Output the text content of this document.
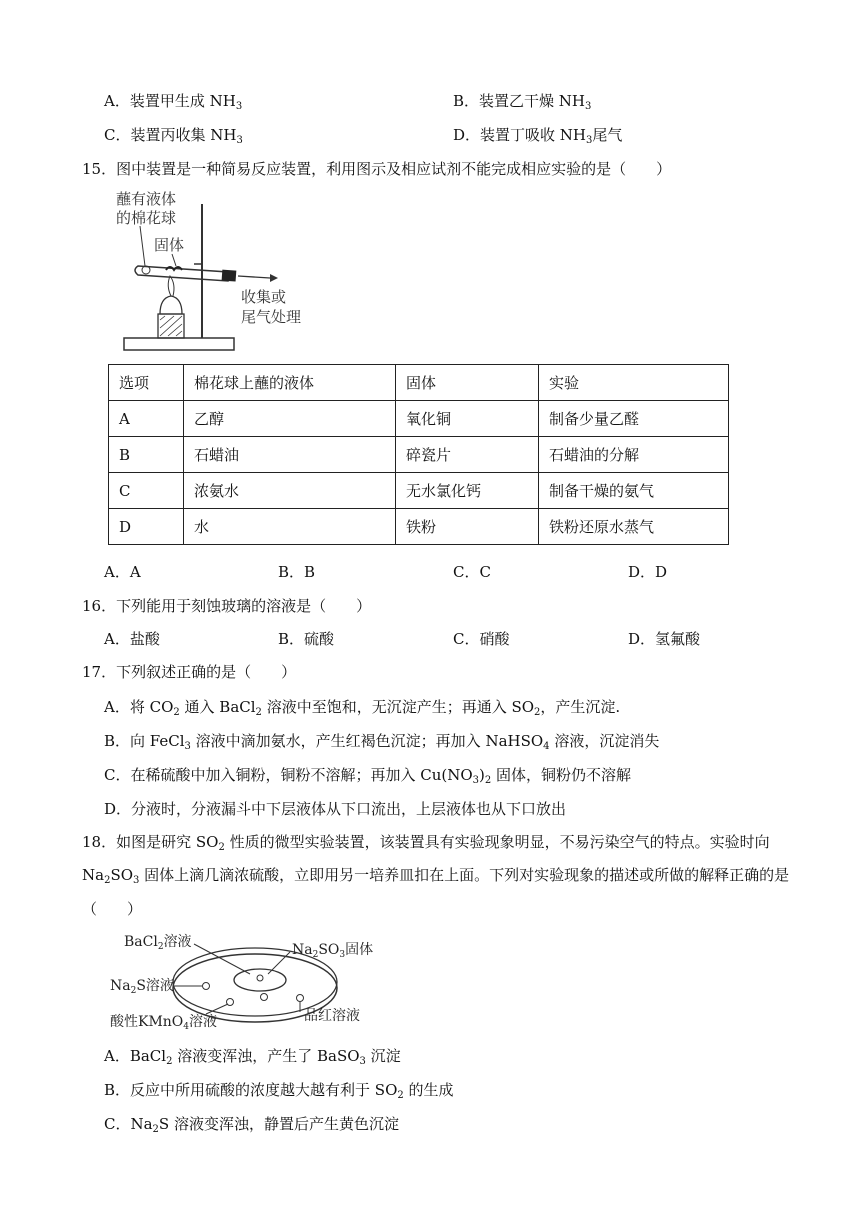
A．装置甲生成 $NH_3$	B．装置乙干燥 $NH_3$
C．装置丙收集 $NH_3$	D．装置丁吸收 $NH_3$尾气
15．图中装置是一种简易反应装置，利用图示及相应试剂不能完成相应实验的是（　　）
蘸有液体
的棉花球
固体
收集或
尾气处理
选项	棉花球上蘸的液体	固体	实验
A	乙醇	氧化铜	制备少量乙醛
B	石蜡油	碎瓷片	石蜡油的分解
C	浓氨水	无水氯化钙	制备干燥的氨气
D	水	铁粉	铁粉还原水蒸气
A．A	B．B	C．C	D．D
16．下列能用于刻蚀玻璃的溶液是（　　）
A．盐酸	B．硫酸	C．硝酸	D．氢氟酸
17．下列叙述正确的是（　　）
A．将 $CO_2$ 通入 BaCl$_2$ 溶液中至饱和，无沉淀产生；再通入 $SO_2$，产生沉淀.
B．向 FeCl$_3$ 溶液中滴加氨水，产生红褐色沉淀；再加入 NaHSO$_4$ 溶液，沉淀消失
C．在稀硫酸中加入铜粉，铜粉不溶解；再加入 $Cu(NO_3)_2$ 固体，铜粉仍不溶解
D．分液时，分液漏斗中下层液体从下口流出，上层液体也从下口放出
18．如图是研究 $SO_2$ 性质的微型实验装置，该装置具有实验现象明显，不易污染空气的特点。实验时向
$Na_2SO_3$ 固体上滴几滴浓硫酸，立即用另一培养皿扣在上面。下列对实验现象的描述或所做的解释正确的是
（　　）
BaCl$_2$溶液	$Na_2SO_3$固体
$Na_2S$溶液
品红溶液
酸性KMnO$_4$溶液
A．BaCl$_2$ 溶液变浑浊，产生了 BaSO$_3$ 沉淀
B．反应中所用硫酸的浓度越大越有利于 $SO_2$ 的生成
C．$Na_2S$ 溶液变浑浊，静置后产生黄色沉淀
